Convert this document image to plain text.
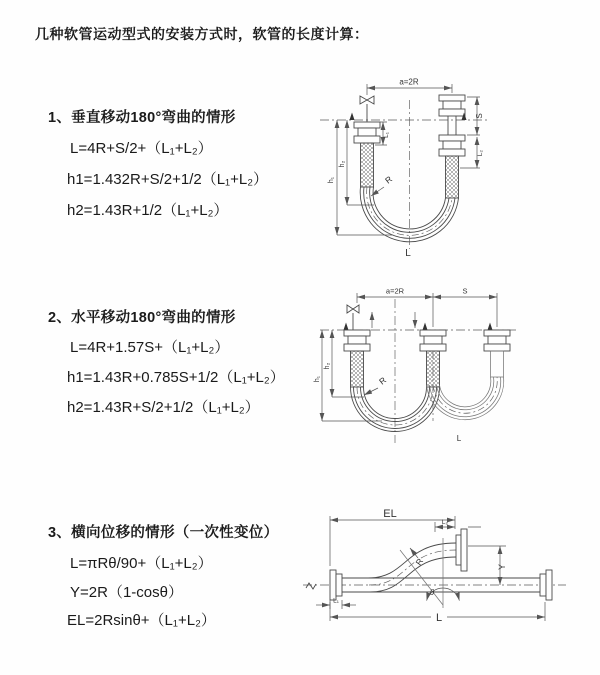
几种软管运动型式的安装方式时，软管的长度计算：
1、垂直移动180°弯曲的情形
L=4R+S/2+（L₁+L₂）
h1=1.432R+S/2+1/2（L₁+L₂）
h2=1.43R+1/2（L₁+L₂）
2、水平移动180°弯曲的情形
L=4R+1.57S+（L₁+L₂）
h1=1.43R+0.785S+1/2（L₁+L₂）
h2=1.43R+S/2+1/2（L₁+L₂）
3、横向位移的情形（一次性变位）
L=πRθ/90+（L₁+L₂）
Y=2R（1-cosθ）
EL=2Rsinθ+（L₁+L₂）
a=2R
L₁
S
L₂
h₂
h₁	R
L
a=2R	S
h₂
h₁	R
L
EL
L₂
Y
R
θ
L₁
L
